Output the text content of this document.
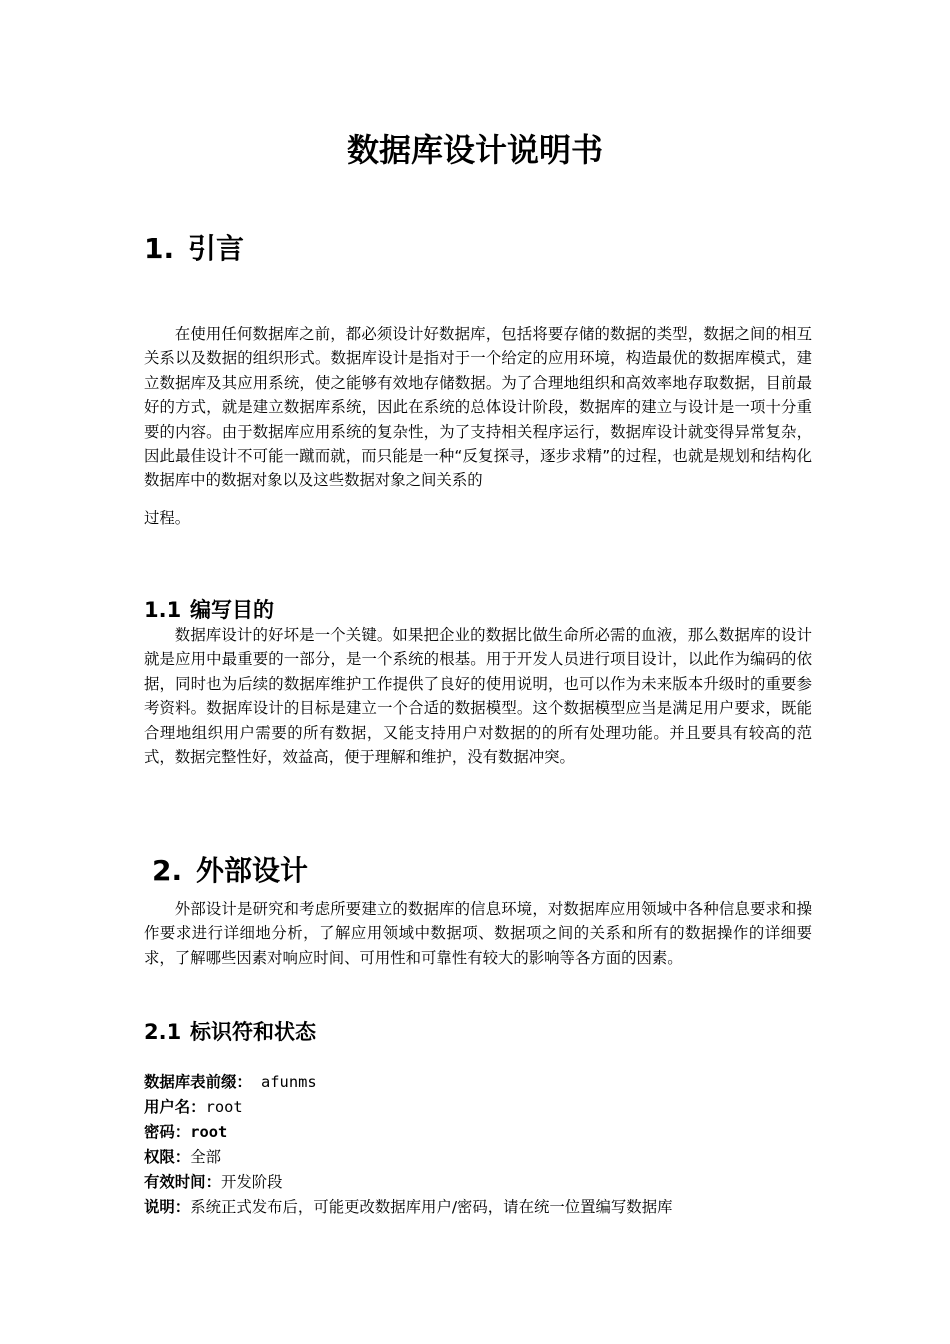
数据库设计说明书
1. 引言

在使用任何数据库之前，都必须设计好数据库，包括将要存储的数据的类型，数据之间的相互关系以及数据的组织形式。数据库设计是指对于一个给定的应用环境，构造最优的数据库模式，建立数据库及其应用系统，使之能够有效地存储数据。为了合理地组织和高效率地存取数据，目前最好的方式，就是建立数据库系统，因此在系统的总体设计阶段，数据库的建立与设计是一项十分重要的内容。由于数据库应用系统的复杂性，为了支持相关程序运行，数据库设计就变得异常复杂，因此最佳设计不可能一蹴而就，而只能是一种“反复探寻，逐步求精”的过程，也就是规划和结构化数据库中的数据对象以及这些数据对象之间关系的
过程。

1.1 编写目的

数据库设计的好坏是一个关键。如果把企业的数据比做生命所必需的血液，那么数据库的设计就是应用中最重要的一部分，是一个系统的根基。用于开发人员进行项目设计，以此作为编码的依据，同时也为后续的数据库维护工作提供了良好的使用说明，也可以作为未来版本升级时的重要参考资料。数据库设计的目标是建立一个合适的数据模型。这个数据模型应当是满足用户要求，既能合理地组织用户需要的所有数据，又能支持用户对数据的的所有处理功能。并且要具有较高的范式，数据完整性好，效益高，便于理解和维护，没有数据冲突。

2. 外部设计

外部设计是研究和考虑所要建立的数据库的信息环境，对数据库应用领域中各种信息要求和操作要求进行详细地分析，了解应用领域中数据项、数据项之间的关系和所有的数据操作的详细要求，了解哪些因素对响应时间、可用性和可靠性有较大的影响等各方面的因素。

2.1 标识符和状态
数据库表前缀： afunms
用户名：root
密码：root
权限：全部
有效时间：开发阶段
说明：系统正式发布后，可能更改数据库用户/密码，请在统一位置编写数据库
